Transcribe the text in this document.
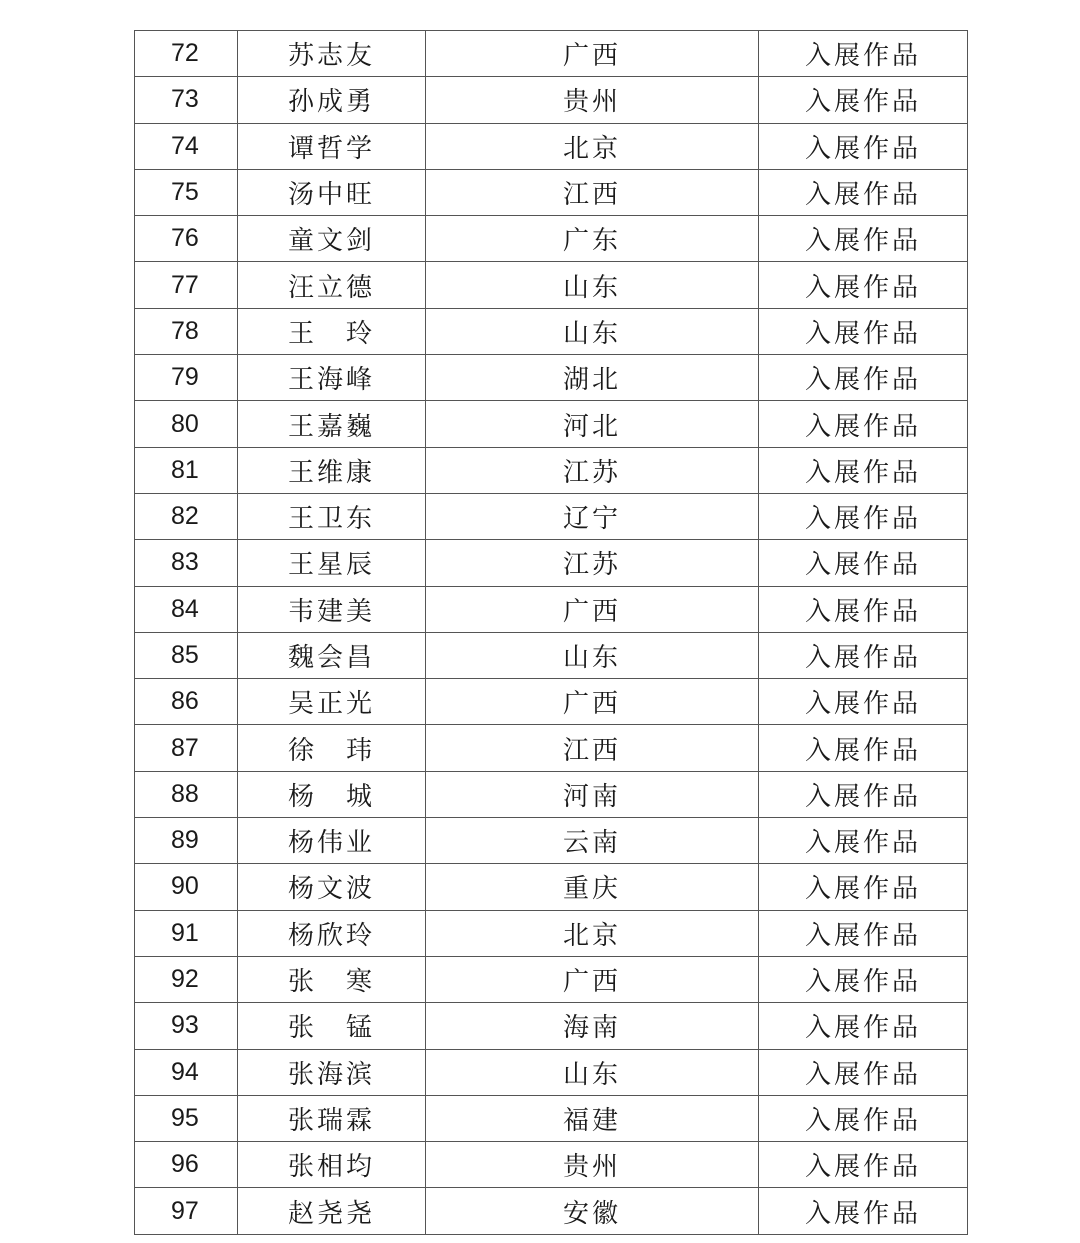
72	苏志友	广西	入展作品
73	孙成勇	贵州	入展作品
74	谭哲学	北京	入展作品
75	汤中旺	江西	入展作品
76	童文剑	广东	入展作品
77	汪立德	山东	入展作品
78	王　玲	山东	入展作品
79	王海峰	湖北	入展作品
80	王嘉巍	河北	入展作品
81	王维康	江苏	入展作品
82	王卫东	辽宁	入展作品
83	王星辰	江苏	入展作品
84	韦建美	广西	入展作品
85	魏会昌	山东	入展作品
86	吴正光	广西	入展作品
87	徐　玮	江西	入展作品
88	杨　城	河南	入展作品
89	杨伟业	云南	入展作品
90	杨文波	重庆	入展作品
91	杨欣玲	北京	入展作品
92	张　寒	广西	入展作品
93	张　锰	海南	入展作品
94	张海滨	山东	入展作品
95	张瑞霖	福建	入展作品
96	张相均	贵州	入展作品
97	赵尧尧	安徽	入展作品
